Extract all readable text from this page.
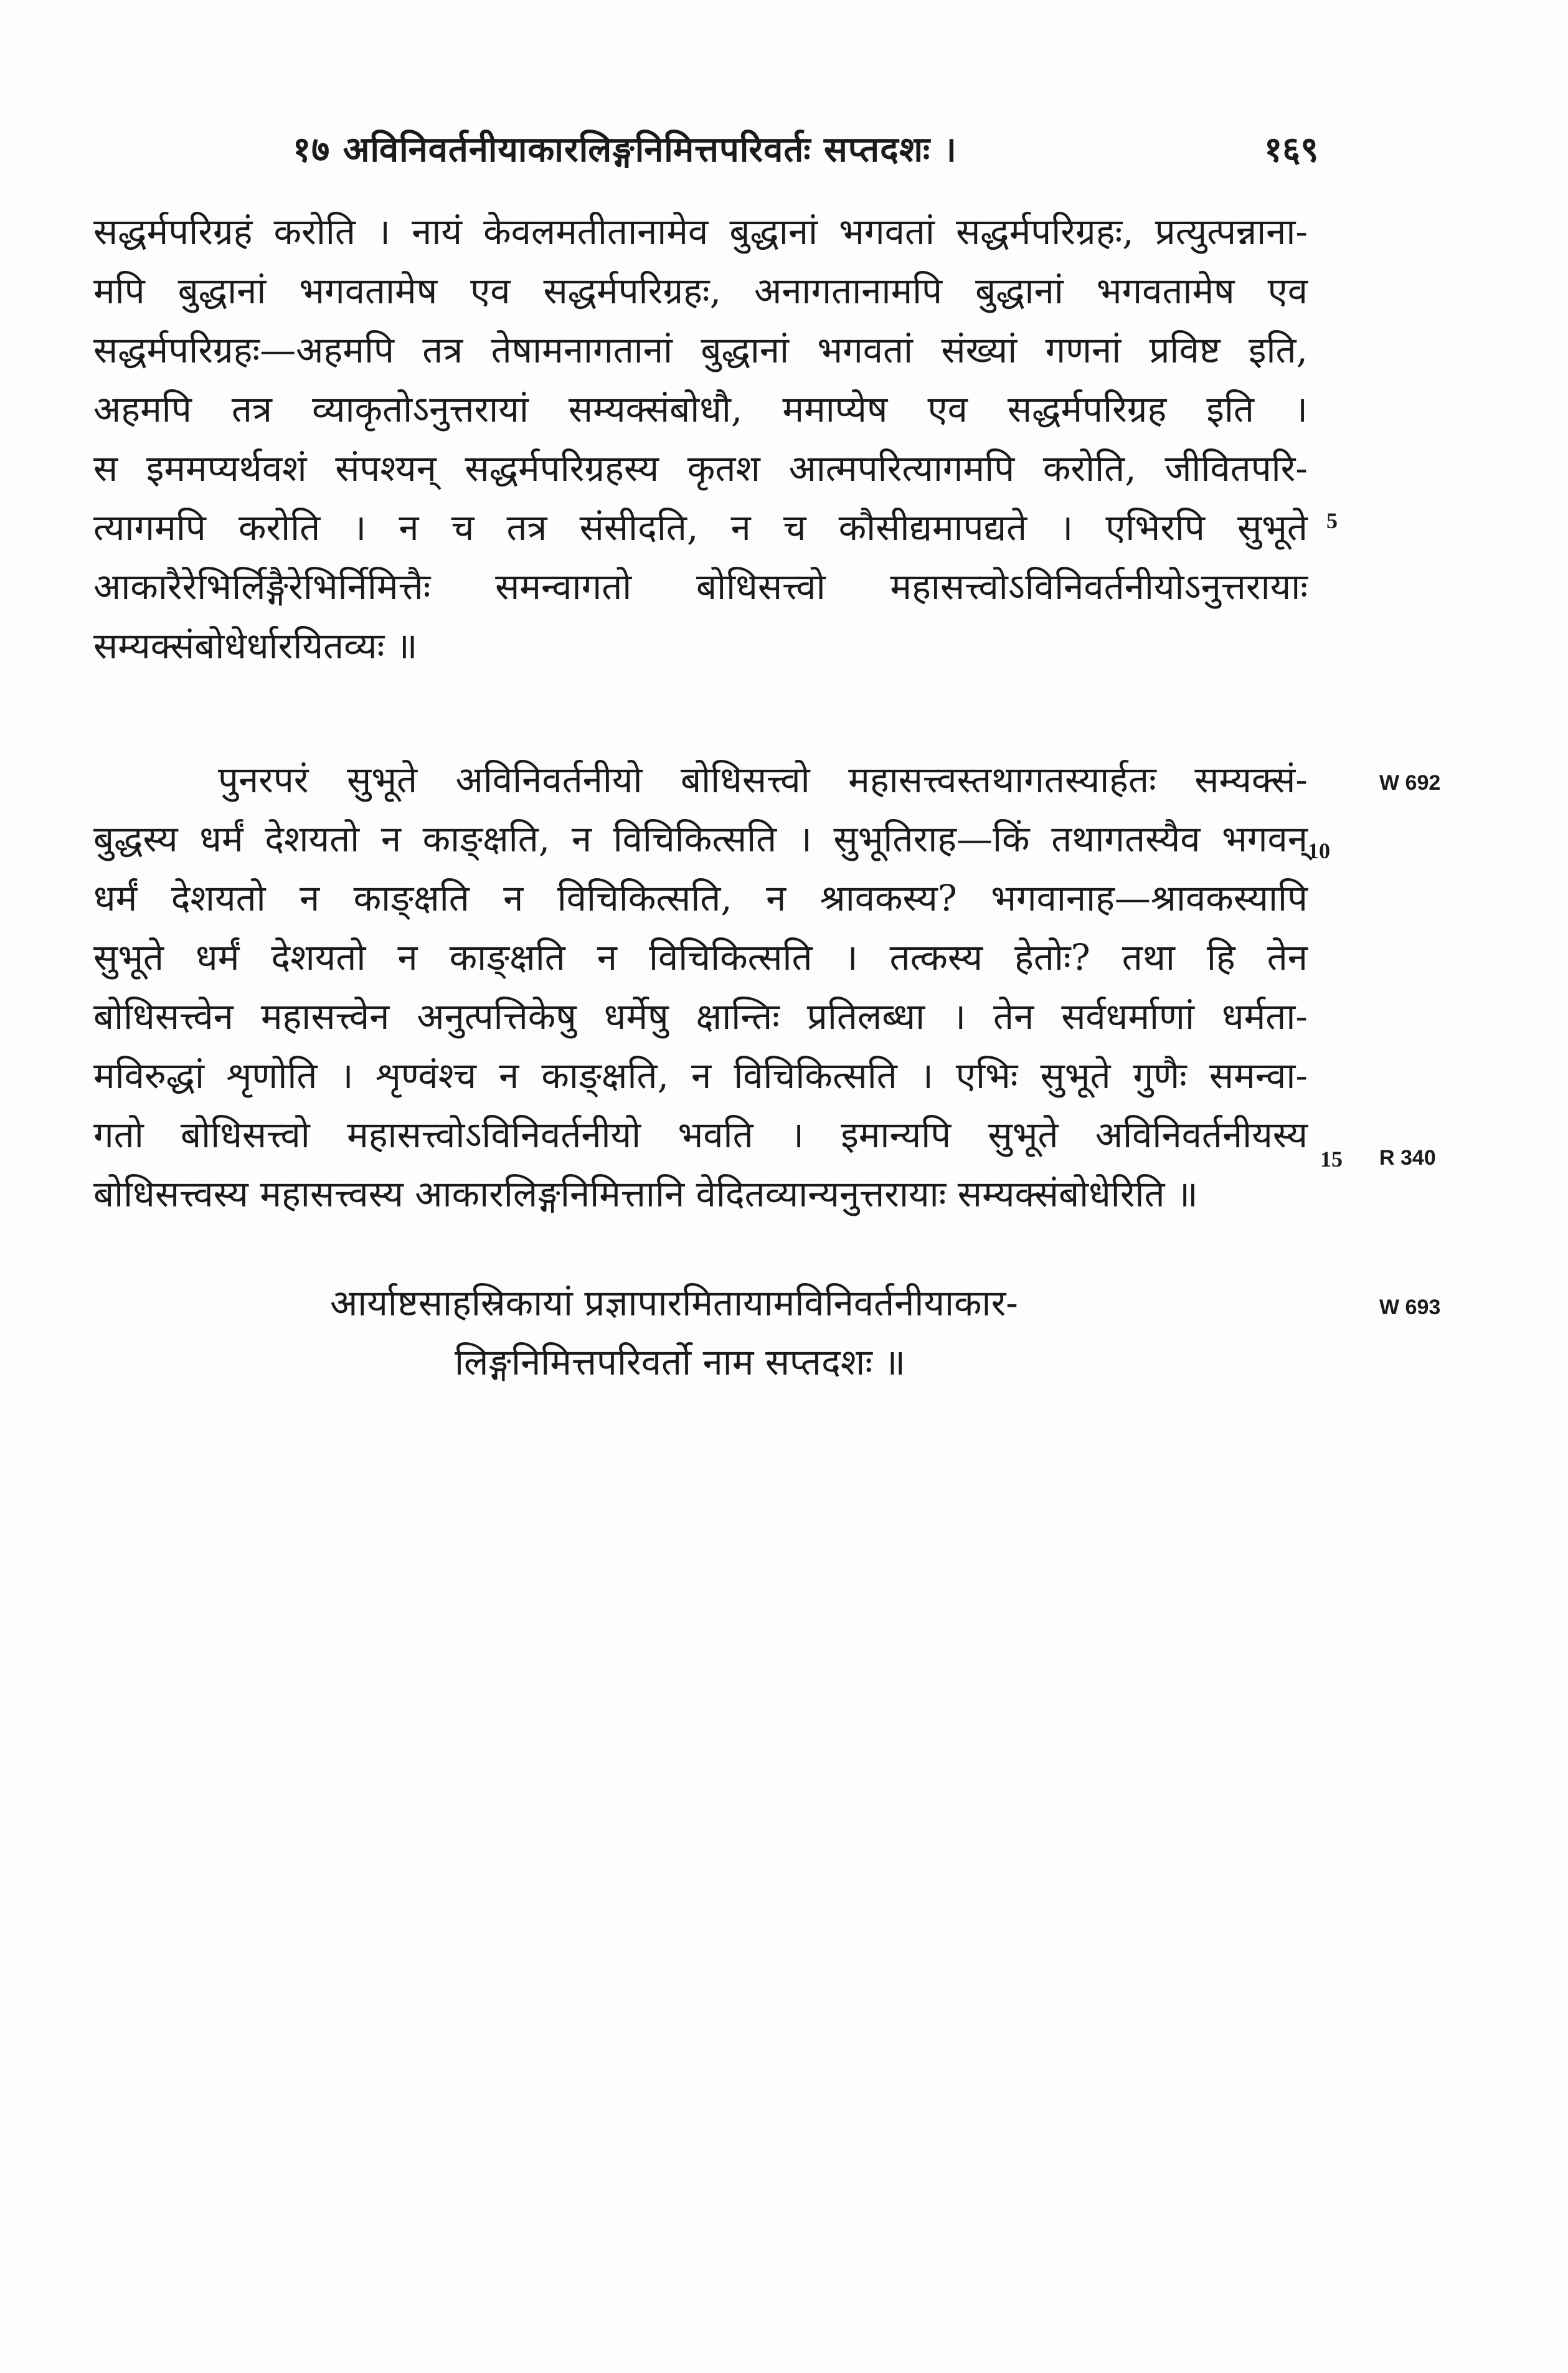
१७ अविनिवर्तनीयाकारलिङ्गनिमित्तपरिवर्तः सप्तदशः ।	१६९
सद्धर्मपरिग्रहं करोति । नायं केवलमतीतानामेव बुद्धानां भगवतां सद्धर्मपरिग्रहः, प्रत्युत्पन्नाना-
मपि बुद्धानां भगवतामेष एव सद्धर्मपरिग्रहः, अनागतानामपि बुद्धानां भगवतामेष एव
सद्धर्मपरिग्रहः—अहमपि तत्र तेषामनागतानां बुद्धानां भगवतां संख्यां गणनां प्रविष्ट इति,
अहमपि तत्र व्याकृतोऽनुत्तरायां सम्यक्संबोधौ, ममाप्येष एव सद्धर्मपरिग्रह इति ।
स इममप्यर्थवशं संपश्यन् सद्धर्मपरिग्रहस्य कृतश आत्मपरित्यागमपि करोति, जीवितपरि-
त्यागमपि करोति । न च तत्र संसीदति, न च कौसीद्यमापद्यते । एभिरपि सुभूते
आकारैरेभिर्लिङ्गैरेभिर्निमित्तैः समन्वागतो बोधिसत्त्वो महासत्त्वोऽविनिवर्तनीयोऽनुत्तरायाः
सम्यक्संबोधेर्धारयितव्यः ॥
पुनरपरं सुभूते अविनिवर्तनीयो बोधिसत्त्वो महासत्त्वस्तथागतस्यार्हतः सम्यक्सं-
बुद्धस्य धर्मं देशयतो न काङ्क्षति, न विचिकित्सति । सुभूतिराह—किं तथागतस्यैव भगवन्
धर्मं देशयतो न काङ्क्षति न विचिकित्सति, न श्रावकस्य? भगवानाह—श्रावकस्यापि
सुभूते धर्मं देशयतो न काङ्क्षति न विचिकित्सति । तत्कस्य हेतोः? तथा हि तेन
बोधिसत्त्वेन महासत्त्वेन अनुत्पत्तिकेषु धर्मेषु क्षान्तिः प्रतिलब्धा । तेन सर्वधर्माणां धर्मता-
मविरुद्धां शृणोति । शृण्वंश्च न काङ्क्षति, न विचिकित्सति । एभिः सुभूते गुणैः समन्वा-
गतो बोधिसत्त्वो महासत्त्वोऽविनिवर्तनीयो भवति । इमान्यपि सुभूते अविनिवर्तनीयस्य
बोधिसत्त्वस्य महासत्त्वस्य आकारलिङ्गनिमित्तानि वेदितव्यान्यनुत्तरायाः सम्यक्संबोधेरिति ॥
आर्याष्टसाहस्रिकायां प्रज्ञापारमितायामविनिवर्तनीयाकार-
लिङ्गनिमित्तपरिवर्तो नाम सप्तदशः ॥
5
10
15
W 692
R 340
W 693
